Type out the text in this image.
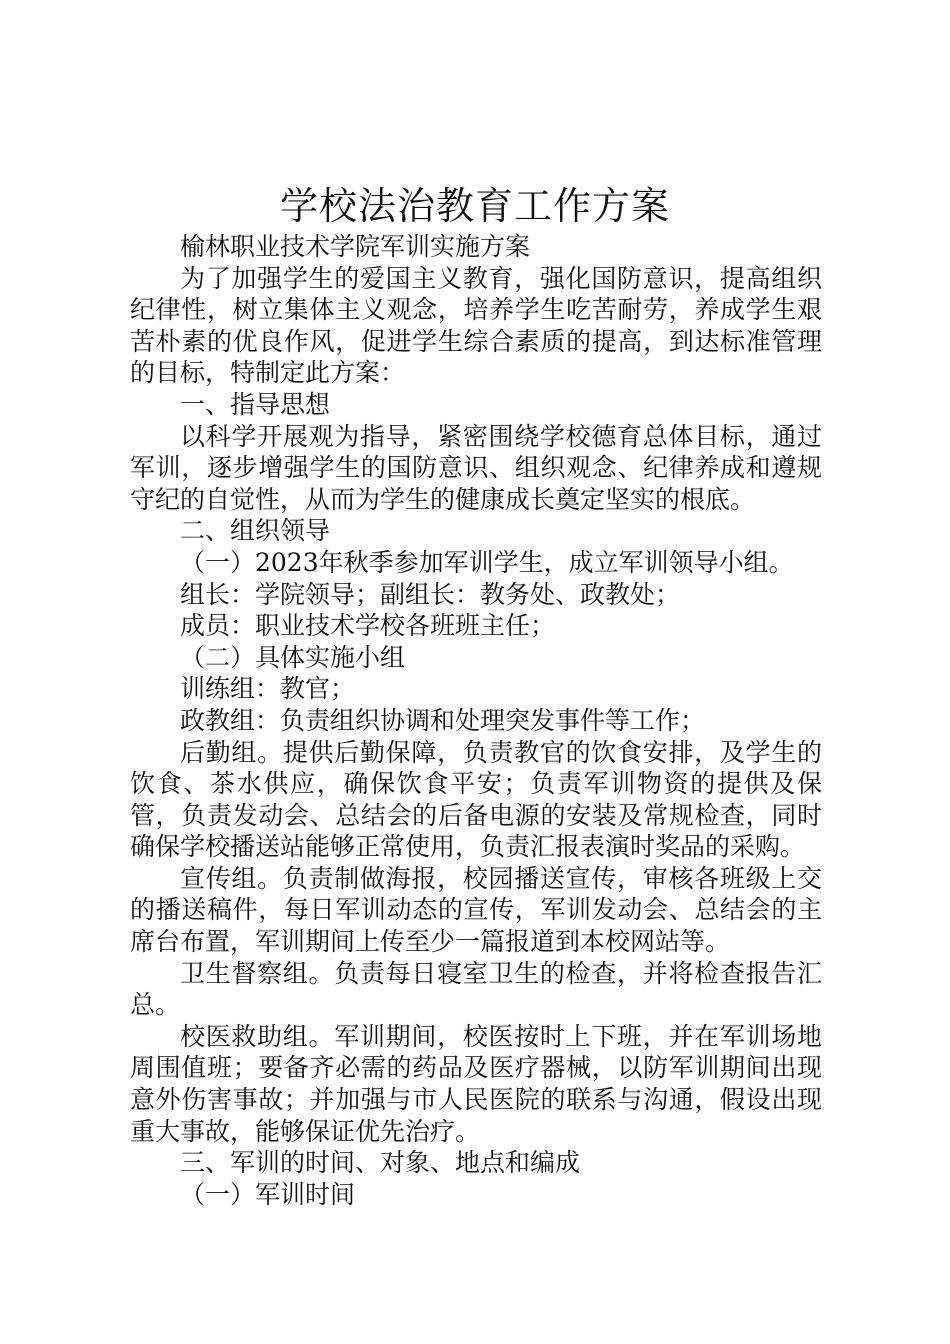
学校法治教育工作方案

榆林职业技术学院军训实施方案

为了加强学生的爱国主义教育，强化国防意识，提高组织纪律性，树立集体主义观念，培养学生吃苦耐劳，养成学生艰苦朴素的优良作风，促进学生综合素质的提高，到达标准管理的目标，特制定此方案：

一、指导思想

以科学开展观为指导，紧密围绕学校德育总体目标，通过军训，逐步增强学生的国防意识、组织观念、纪律养成和遵规守纪的自觉性，从而为学生的健康成长奠定坚实的根底。

二、组织领导

（一）2023年秋季参加军训学生，成立军训领导小组。

组长：学院领导；副组长：教务处、政教处；

成员：职业技术学校各班班主任；

（二）具体实施小组

训练组：教官；

政教组：负责组织协调和处理突发事件等工作；

后勤组。提供后勤保障，负责教官的饮食安排，及学生的饮食、茶水供应，确保饮食平安；负责军训物资的提供及保管，负责发动会、总结会的后备电源的安装及常规检查，同时确保学校播送站能够正常使用，负责汇报表演时奖品的采购。

宣传组。负责制做海报，校园播送宣传，审核各班级上交的播送稿件，每日军训动态的宣传，军训发动会、总结会的主席台布置，军训期间上传至少一篇报道到本校网站等。

卫生督察组。负责每日寝室卫生的检查，并将检查报告汇总。

校医救助组。军训期间，校医按时上下班，并在军训场地周围值班；要备齐必需的药品及医疗器械，以防军训期间出现意外伤害事故；并加强与市人民医院的联系与沟通，假设出现重大事故，能够保证优先治疗。

三、军训的时间、对象、地点和编成

（一）军训时间
